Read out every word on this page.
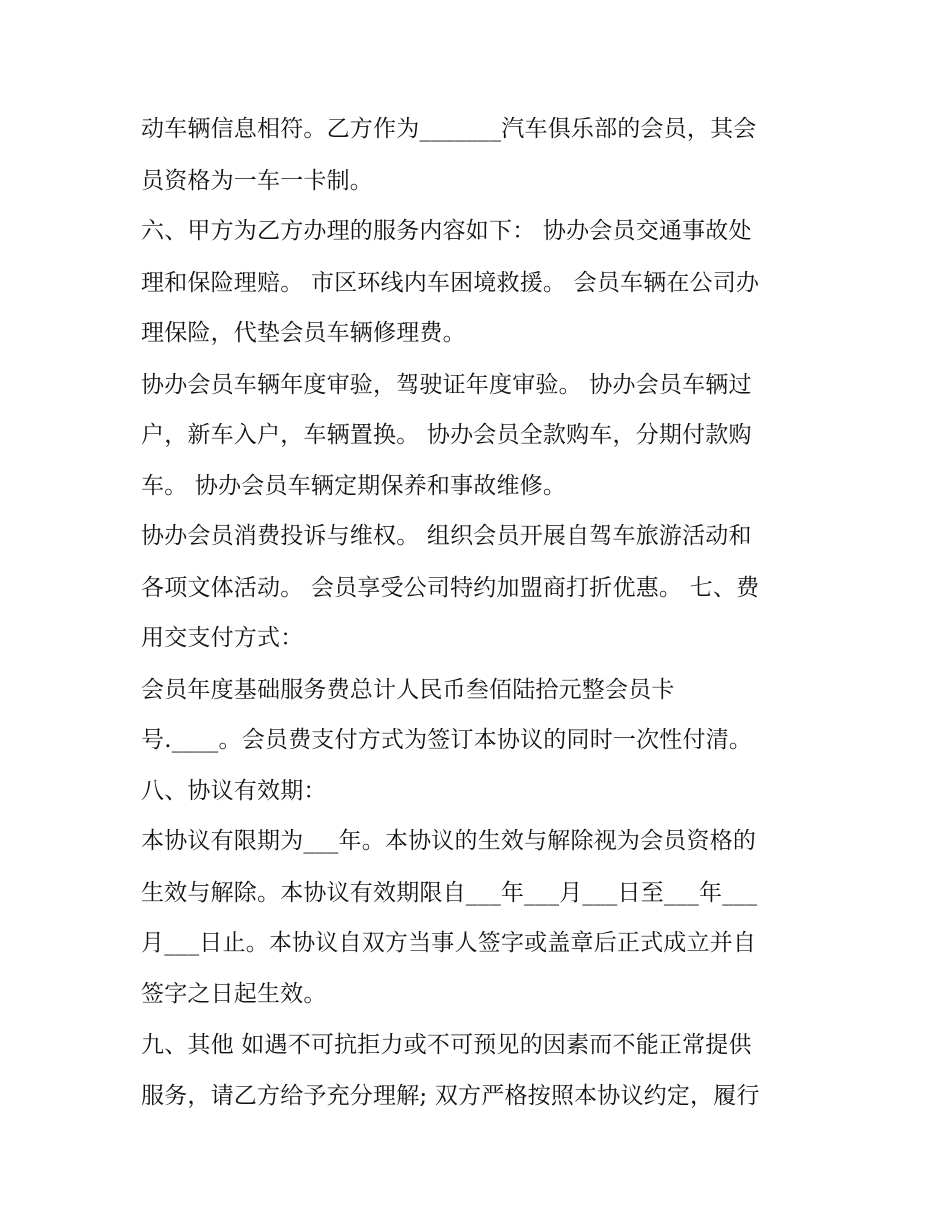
动车辆信息相符。乙方作为_______汽车俱乐部的会员，其会
员资格为一车一卡制。
六、甲方为乙方办理的服务内容如下： 协办会员交通事故处
理和保险理赔。 市区环线内车困境救援。 会员车辆在公司办
理保险，代垫会员车辆修理费。
协办会员车辆年度审验，驾驶证年度审验。 协办会员车辆过
户，新车入户，车辆置换。 协办会员全款购车，分期付款购
车。 协办会员车辆定期保养和事故维修。
协办会员消费投诉与维权。 组织会员开展自驾车旅游活动和
各项文体活动。 会员享受公司特约加盟商打折优惠。 七、费
用交支付方式：
会员年度基础服务费总计人民币叁佰陆拾元整会员卡
号.____。会员费支付方式为签订本协议的同时一次性付清。
八、协议有效期：
本协议有限期为___年。本协议的生效与解除视为会员资格的
生效与解除。本协议有效期限自___年___月___日至___年___
月___日止。本协议自双方当事人签字或盖章后正式成立并自
签字之日起生效。
九、其他 如遇不可抗拒力或不可预见的因素而不能正常提供
服务，请乙方给予充分理解; 双方严格按照本协议约定，履行
